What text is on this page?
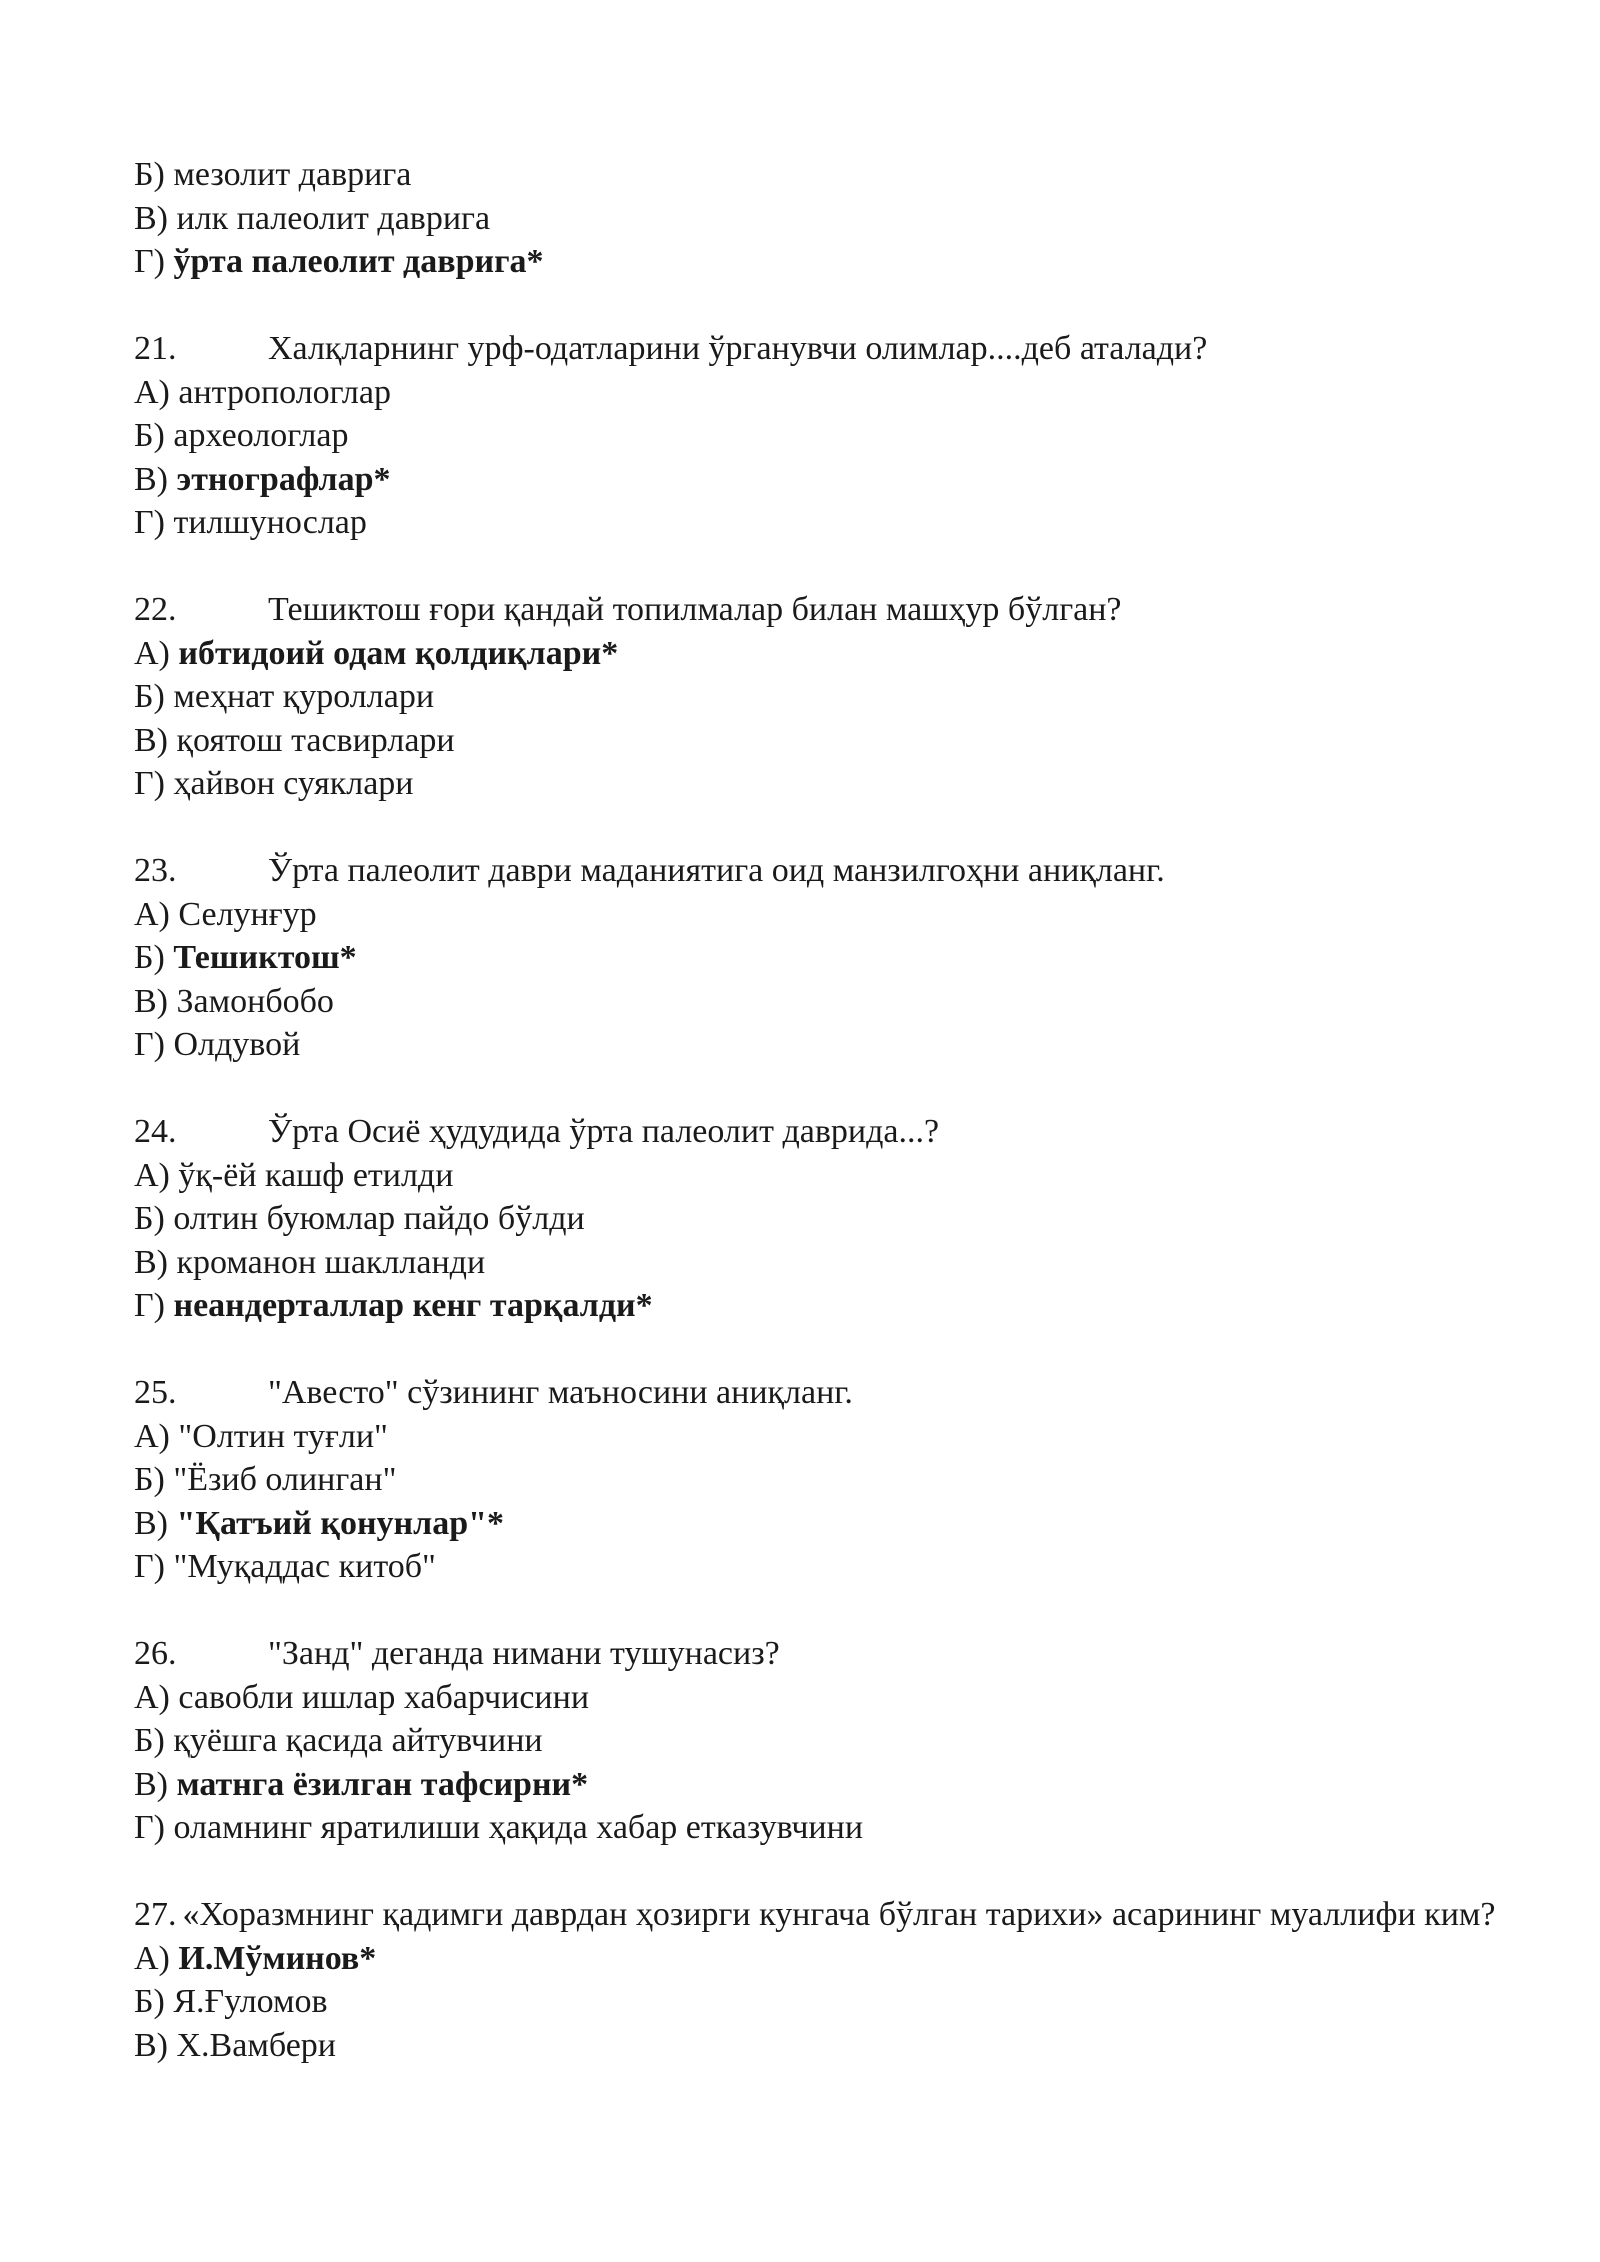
Б) мезолит даврига
В) илк палеолит даврига
Г) ўрта палеолит даврига*
21.	Халқларнинг урф-одатларини ўрганувчи олимлар....деб аталади?
А) антропологлар
Б) археологлар
В) этнографлар*
Г) тилшунослар
22.	Тешиктош ғори қандай топилмалар билан машҳур бўлган?
А) ибтидоий одам қолдиқлари*
Б) меҳнат қуроллари
В) қоятош тасвирлари
Г) ҳайвон суяклари
23.	Ўрта палеолит даври маданиятига оид манзилгоҳни аниқланг.
А) Селунғур
Б) Тешиктош*
В) Замонбобо
Г) Олдувой
24.	Ўрта Осиё ҳудудида ўрта палеолит даврида...?
А) ўқ-ёй кашф етилди
Б) олтин буюмлар пайдо бўлди
В) кроманон шаклланди
Г) неандерталлар кенг тарқалди*
25.	"Авесто" сўзининг маъносини аниқланг.
А) "Олтин туғли"
Б) "Ёзиб олинган"
В) "Қатъий қонунлар"*
Г) "Муқаддас китоб"
26.	"Занд" деганда нимани тушунасиз?
А) савобли ишлар хабарчисини
Б) қуёшга қасида айтувчини
В) матнга ёзилган тафсирни*
Г) оламнинг яратилиши ҳақида хабар етказувчини
27. «Хоразмнинг қадимги даврдан ҳозирги кунгача бўлган тарихи» асарининг муаллифи ким?
А) И.Мўминов*
Б) Я.Ғуломов
В) Х.Вамбери
